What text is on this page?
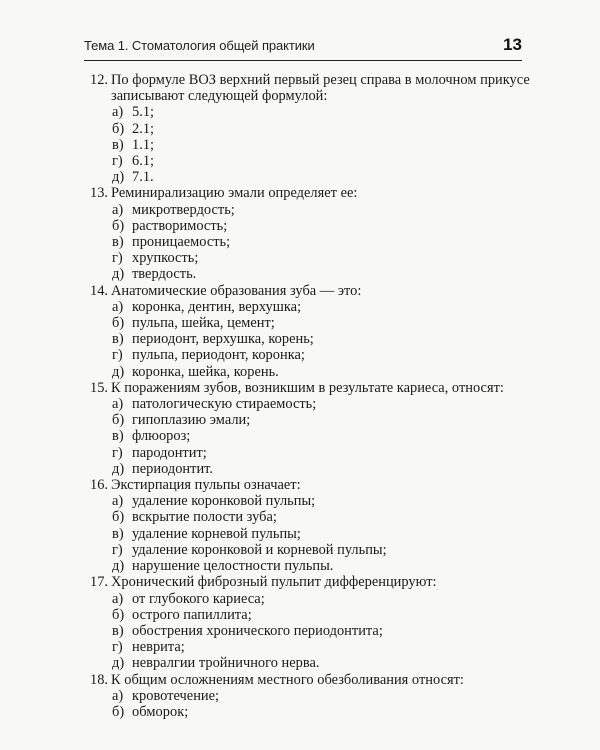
Тема 1. Стоматология общей практики	13
12. По формуле ВОЗ верхний первый резец справа в молочном прикусе записывают следующей формулой:
а) 5.1;
б) 2.1;
в) 1.1;
г) 6.1;
д) 7.1.
13. Реминирализацию эмали определяет ее:
а) микротвердость;
б) растворимость;
в) проницаемость;
г) хрупкость;
д) твердость.
14. Анатомические образования зуба — это:
а) коронка, дентин, верхушка;
б) пульпа, шейка, цемент;
в) периодонт, верхушка, корень;
г) пульпа, периодонт, коронка;
д) коронка, шейка, корень.
15. К поражениям зубов, возникшим в результате кариеса, относят:
а) патологическую стираемость;
б) гипоплазию эмали;
в) флюороз;
г) пародонтит;
д) периодонтит.
16. Экстирпация пульпы означает:
а) удаление коронковой пульпы;
б) вскрытие полости зуба;
в) удаление корневой пульпы;
г) удаление коронковой и корневой пульпы;
д) нарушение целостности пульпы.
17. Хронический фиброзный пульпит дифференцируют:
а) от глубокого кариеса;
б) острого папиллита;
в) обострения хронического периодонтита;
г) неврита;
д) невралгии тройничного нерва.
18. К общим осложнениям местного обезболивания относят:
а) кровотечение;
б) обморок;
